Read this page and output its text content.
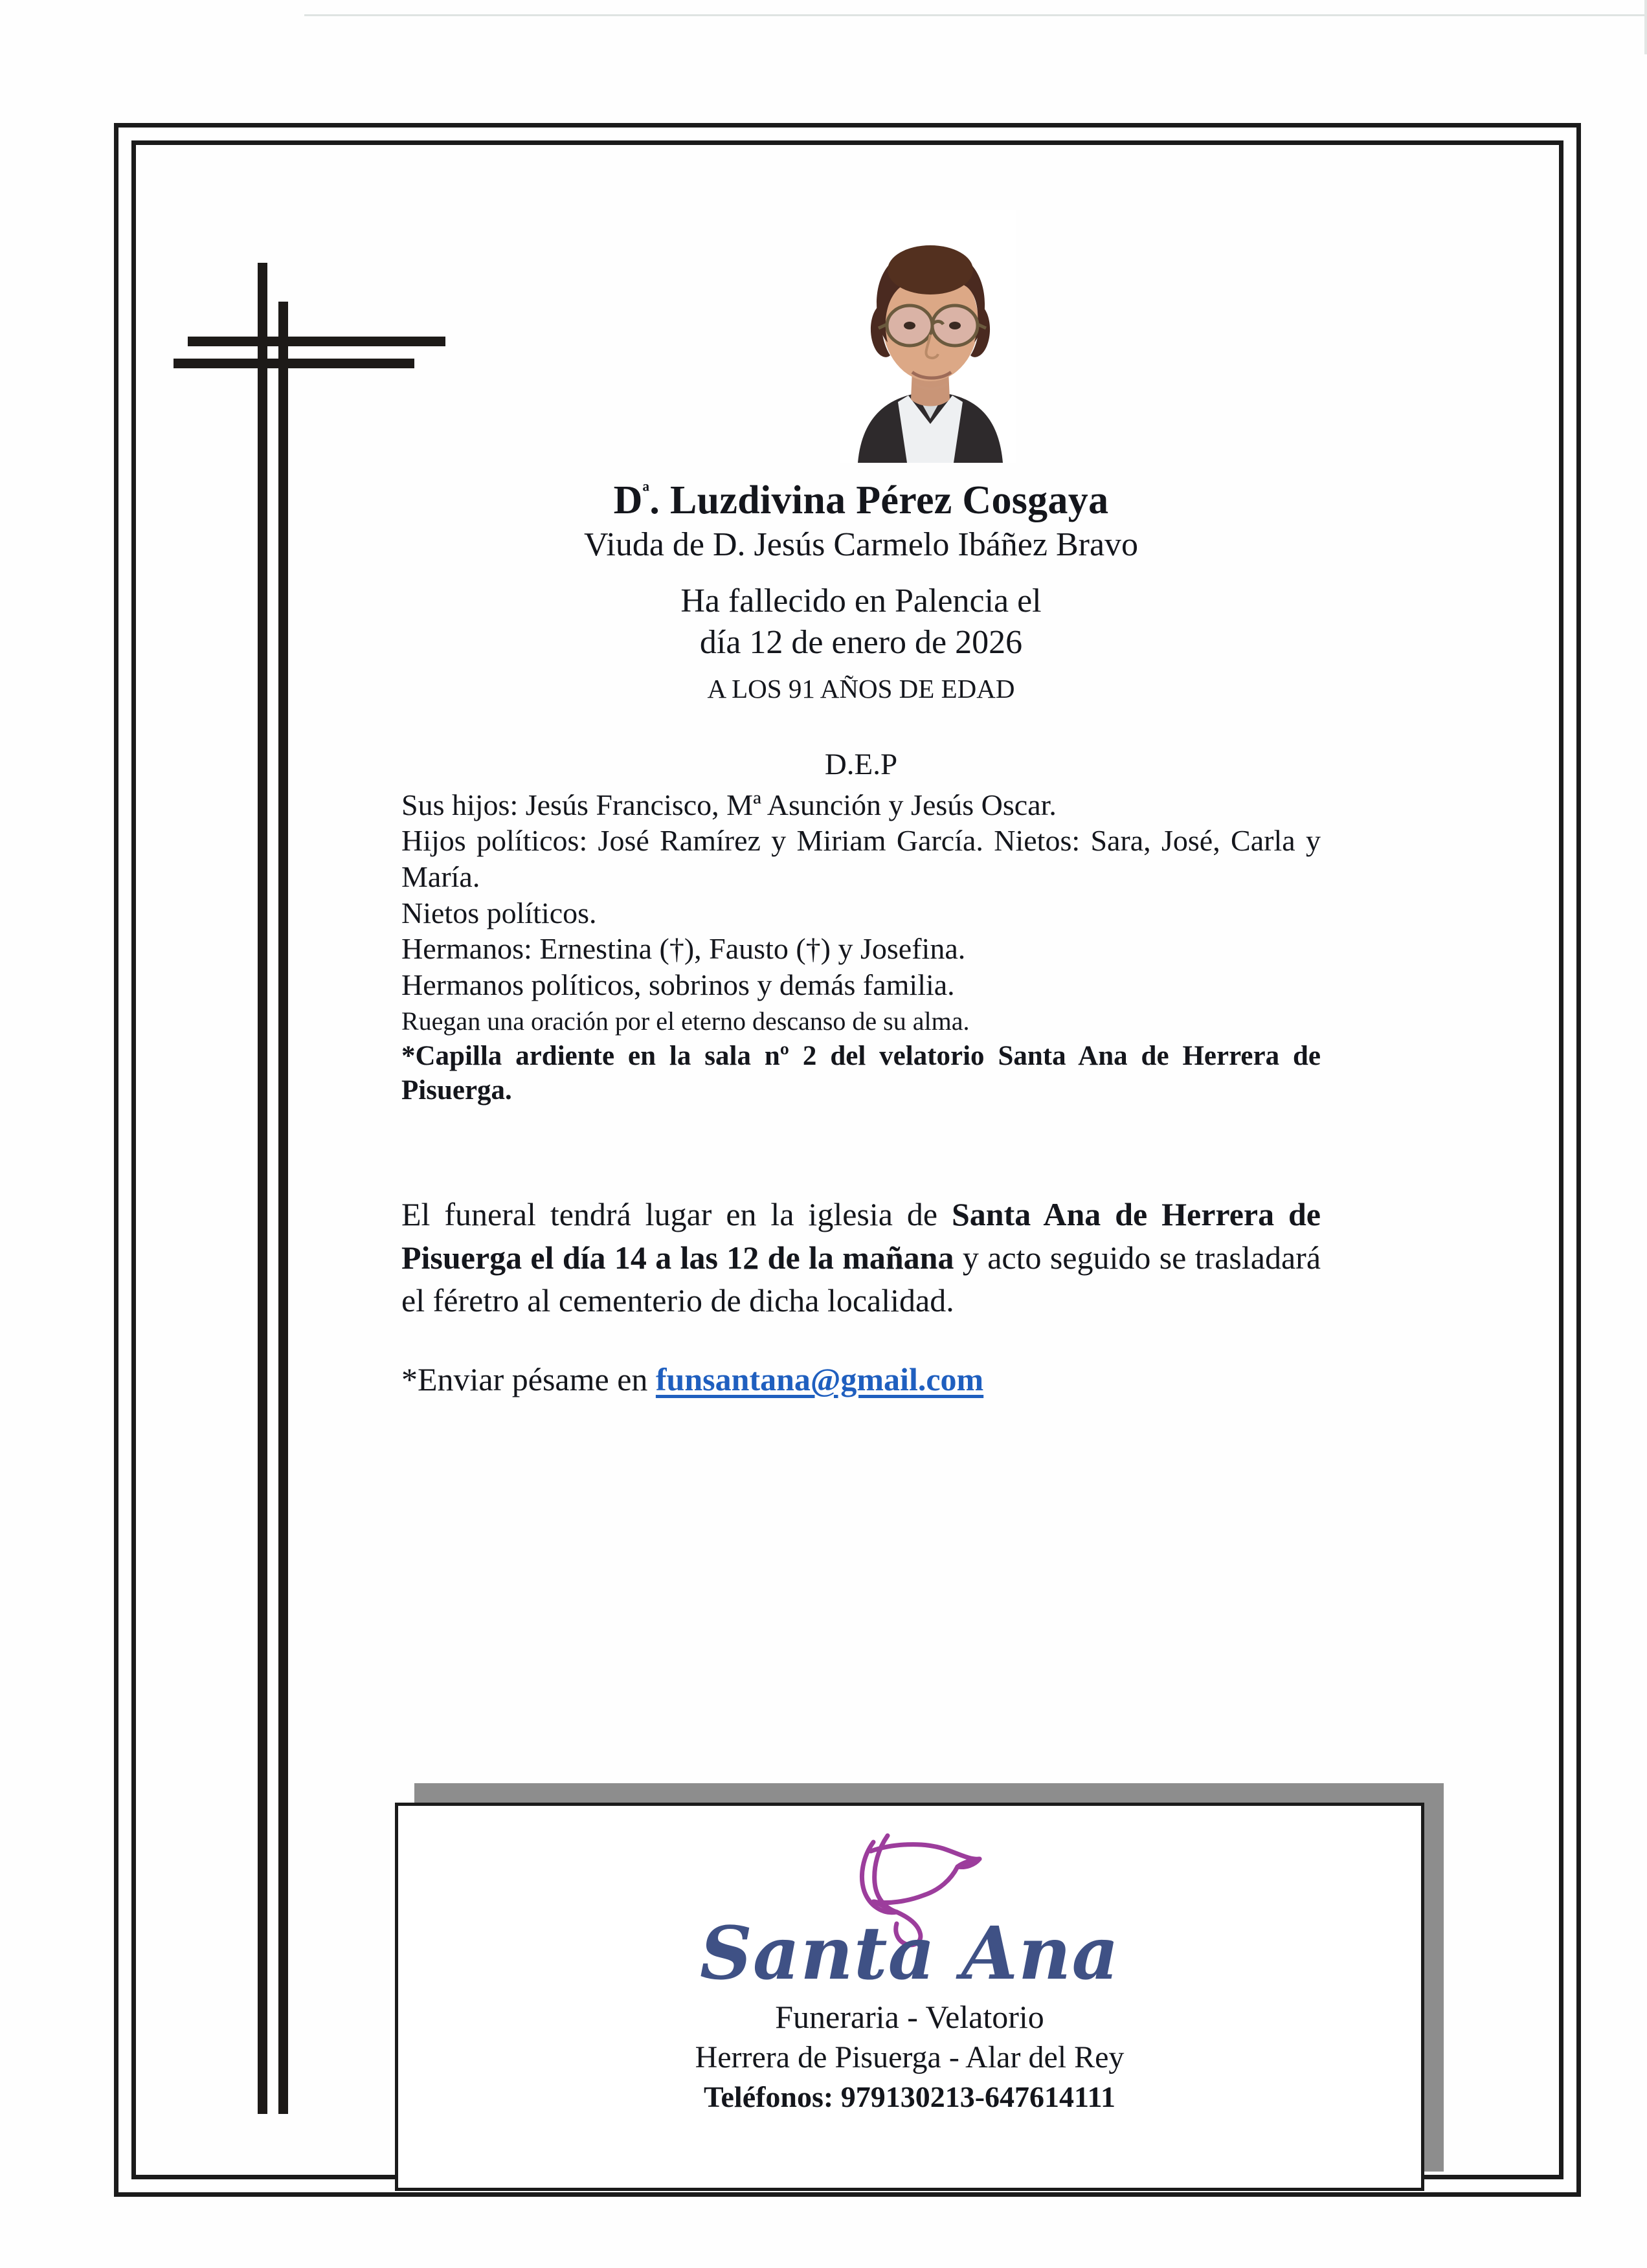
$D^ª$. Luzdivina Pérez Cosgaya

Viuda de D. Jesús Carmelo Ibáñez Bravo

Ha fallecido en Palencia el

día 12 de enero de 2026

A LOS 91 AÑOS DE EDAD

D.E.P

Sus hijos: Jesús Francisco, Mª Asunción y Jesús Oscar.

Hijos políticos: José Ramírez y Miriam García. Nietos: Sara, José, Carla y María.

Nietos políticos.

Hermanos: Ernestina (†), Fausto (†) y Josefina.

Hermanos políticos, sobrinos y demás familia.

Ruegan una oración por el eterno descanso de su alma.

*Capilla ardiente en la sala nº 2 del velatorio Santa Ana de Herrera de Pisuerga.

El funeral tendrá lugar en la iglesia de Santa Ana de Herrera de Pisuerga el día 14 a las 12 de la mañana y acto seguido se trasladará el féretro al cementerio de dicha localidad.

*Enviar pésame en funsantana@gmail.com

Santa Ana
Funeraria - Velatorio
Herrera de Pisuerga - Alar del Rey
Teléfonos: 979130213-647614111
